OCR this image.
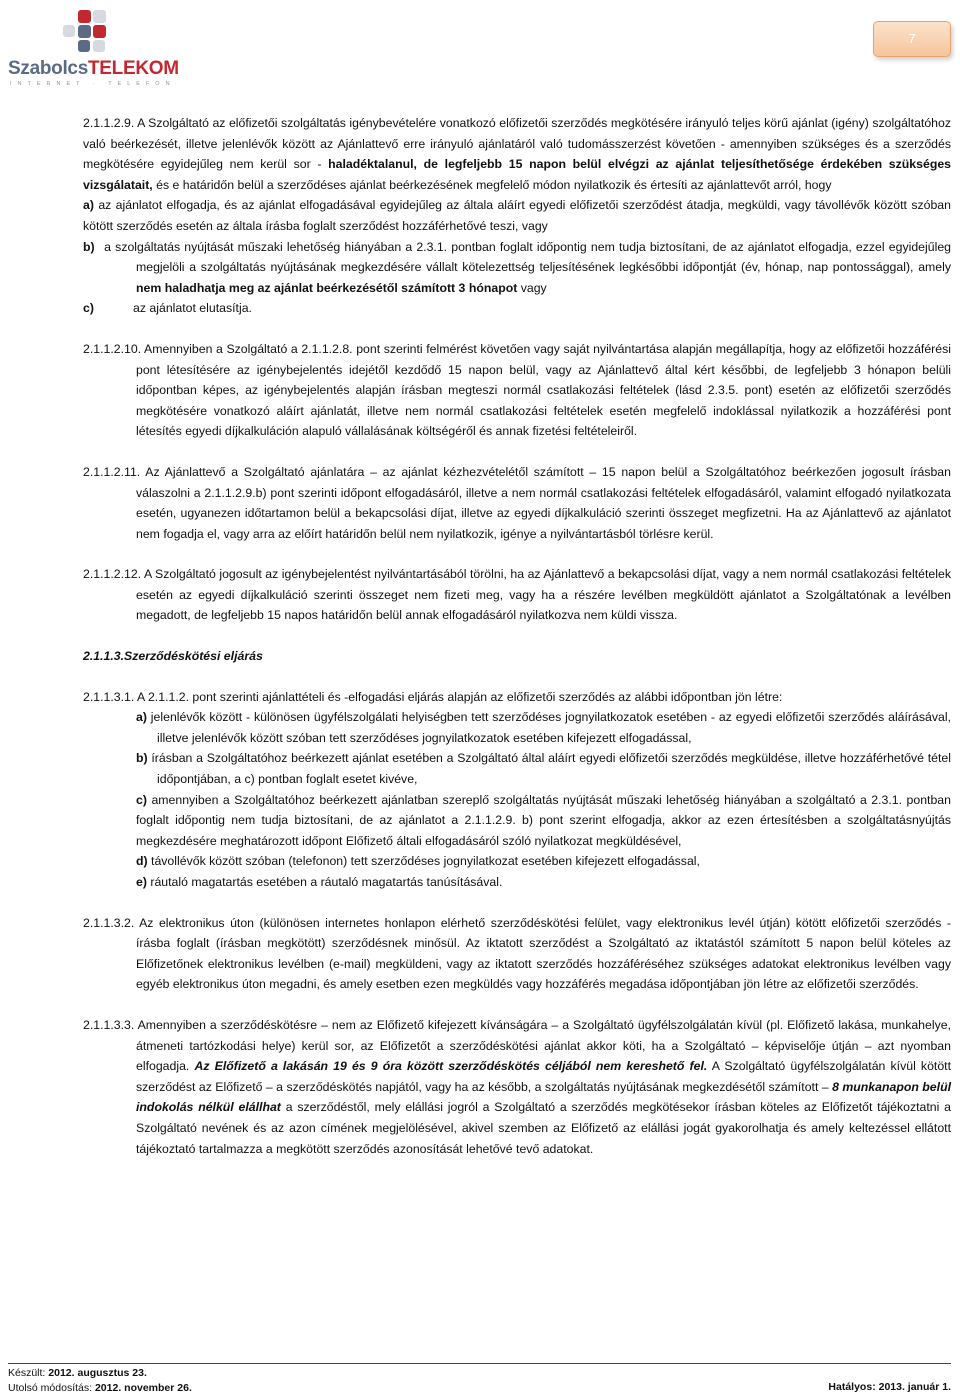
SzabolcsTELEKOM
INTERNET · TELEFON
7

2.1.1.2.9. A Szolgáltató az előfizetői szolgáltatás igénybevételére vonatkozó előfizetői szerződés megkötésére irányuló teljes körű ajánlat (igény) szolgáltatóhoz való beérkezését, illetve jelenlévők között az Ajánlattevő erre irányuló ajánlatáról való tudomásszerzést követően - amennyiben szükséges és a szerződés megkötésére egyidejűleg nem kerül sor - haladéktalanul, de legfeljebb 15 napon belül elvégzi az ajánlat teljesíthetősége érdekében szükséges vizsgálatait, és e határidőn belül a szerződéses ajánlat beérkezésének megfelelő módon nyilatkozik és értesíti az ajánlattevőt arról, hogy

a) az ajánlatot elfogadja, és az ajánlat elfogadásával egyidejűleg az általa aláírt egyedi előfizetői szerződést átadja, megküldi, vagy távollévők között szóban kötött szerződés esetén az általa írásba foglalt szerződést hozzáférhetővé teszi, vagy

b) a szolgáltatás nyújtását műszaki lehetőség hiányában a 2.3.1. pontban foglalt időpontig nem tudja biztosítani, de az ajánlatot elfogadja, ezzel egyidejűleg megjelöli a szolgáltatás nyújtásának megkezdésére vállalt kötelezettség teljesítésének legkésőbbi időpontját (év, hónap, nap pontossággal), amely nem haladhatja meg az ajánlat beérkezésétől számított 3 hónapot vagy

c)	az ajánlatot elutasítja.

2.1.1.2.10. Amennyiben a Szolgáltató a 2.1.1.2.8. pont szerinti felmérést követően vagy saját nyilvántartása alapján megállapítja, hogy az előfizetői hozzáférési pont létesítésére az igénybejelentés idejétől kezdődő 15 napon belül, vagy az Ajánlattevő által kért későbbi, de legfeljebb 3 hónapon belüli időpontban képes, az igénybejelentés alapján írásban megteszi normál csatlakozási feltételek (lásd 2.3.5. pont) esetén az előfizetői szerződés megkötésére vonatkozó aláírt ajánlatát, illetve nem normál csatlakozási feltételek esetén megfelelő indoklással nyilatkozik a hozzáférési pont létesítés egyedi díjkalkuláción alapuló vállalásának költségéről és annak fizetési feltételeiről.

2.1.1.2.11. Az Ajánlattevő a Szolgáltató ajánlatára – az ajánlat kézhezvételétől számított – 15 napon belül a Szolgáltatóhoz beérkezően jogosult írásban válaszolni a 2.1.1.2.9.b) pont szerinti időpont elfogadásáról, illetve a nem normál csatlakozási feltételek elfogadásáról, valamint elfogadó nyilatkozata esetén, ugyanezen időtartamon belül a bekapcsolási díjat, illetve az egyedi díjkalkuláció szerinti összeget megfizetni. Ha az Ajánlattevő az ajánlatot nem fogadja el, vagy arra az előírt határidőn belül nem nyilatkozik, igénye a nyilvántartásból törlésre kerül.

2.1.1.2.12. A Szolgáltató jogosult az igénybejelentést nyilvántartásából törölni, ha az Ajánlattevő a bekapcsolási díjat, vagy a nem normál csatlakozási feltételek esetén az egyedi díjkalkuláció szerinti összeget nem fizeti meg, vagy ha a részére levélben megküldött ajánlatot a Szolgáltatónak a levélben megadott, de legfeljebb 15 napos határidőn belül annak elfogadásáról nyilatkozva nem küldi vissza.

2.1.1.3.Szerződéskötési eljárás

2.1.1.3.1. A 2.1.1.2. pont szerinti ajánlattételi és -elfogadási eljárás alapján az előfizetői szerződés az alábbi időpontban jön létre:

a) jelenlévők között - különösen ügyfélszolgálati helyiségben tett szerződéses jognyilatkozatok esetében - az egyedi előfizetői szerződés aláírásával, illetve jelenlévők között szóban tett szerződéses jognyilatkozatok esetében kifejezett elfogadással,

b) írásban a Szolgáltatóhoz beérkezett ajánlat esetében a Szolgáltató által aláírt egyedi előfizetői szerződés megküldése, illetve hozzáférhetővé tétel időpontjában, a c) pontban foglalt esetet kivéve,

c) amennyiben a Szolgáltatóhoz beérkezett ajánlatban szereplő szolgáltatás nyújtását műszaki lehetőség hiányában a szolgáltató a 2.3.1. pontban foglalt időpontig nem tudja biztosítani, de az ajánlatot a 2.1.1.2.9. b) pont szerint elfogadja, akkor az ezen értesítésben a szolgáltatásnyújtás megkezdésére meghatározott időpont Előfizető általi elfogadásáról szóló nyilatkozat megküldésével,

d) távollévők között szóban (telefonon) tett szerződéses jognyilatkozat esetében kifejezett elfogadással,

e) ráutaló magatartás esetében a ráutaló magatartás tanúsításával.

2.1.1.3.2. Az elektronikus úton (különösen internetes honlapon elérhető szerződéskötési felület, vagy elektronikus levél útján) kötött előfizetői szerződés - írásba foglalt (írásban megkötött) szerződésnek minősül. Az iktatott szerződést a Szolgáltató az iktatástól számított 5 napon belül köteles az Előfizetőnek elektronikus levélben (e-mail) megküldeni, vagy az iktatott szerződés hozzáféréséhez szükséges adatokat elektronikus levélben vagy egyéb elektronikus úton megadni, és amely esetben ezen megküldés vagy hozzáférés megadása időpontjában jön létre az előfizetői szerződés.

2.1.1.3.3. Amennyiben a szerződéskötésre – nem az Előfizető kifejezett kívánságára – a Szolgáltató ügyfélszolgálatán kívül (pl. Előfizető lakása, munkahelye, átmeneti tartózkodási helye) kerül sor, az Előfizetőt a szerződéskötési ajánlat akkor köti, ha a Szolgáltató – képviselője útján – azt nyomban elfogadja. Az Előfizető a lakásán 19 és 9 óra között szerződéskötés céljából nem kereshető fel. A Szolgáltató ügyfélszolgálatán kívül kötött szerződést az Előfizető – a szerződéskötés napjától, vagy ha az később, a szolgáltatás nyújtásának megkezdésétől számított – 8 munkanapon belül indokolás nélkül elállhat a szerződéstől, mely elállási jogról a Szolgáltató a szerződés megkötésekor írásban köteles az Előfizetőt tájékoztatni a Szolgáltató nevének és az azon címének megjelölésével, akivel szemben az Előfizető az elállási jogát gyakorolhatja és amely keltezéssel ellátott tájékoztató tartalmazza a megkötött szerződés azonosítását lehetővé tevő adatokat.

Készült: 2012. augusztus 23.
Utolsó módosítás: 2012. november 26.	Hatályos: 2013. január 1.
